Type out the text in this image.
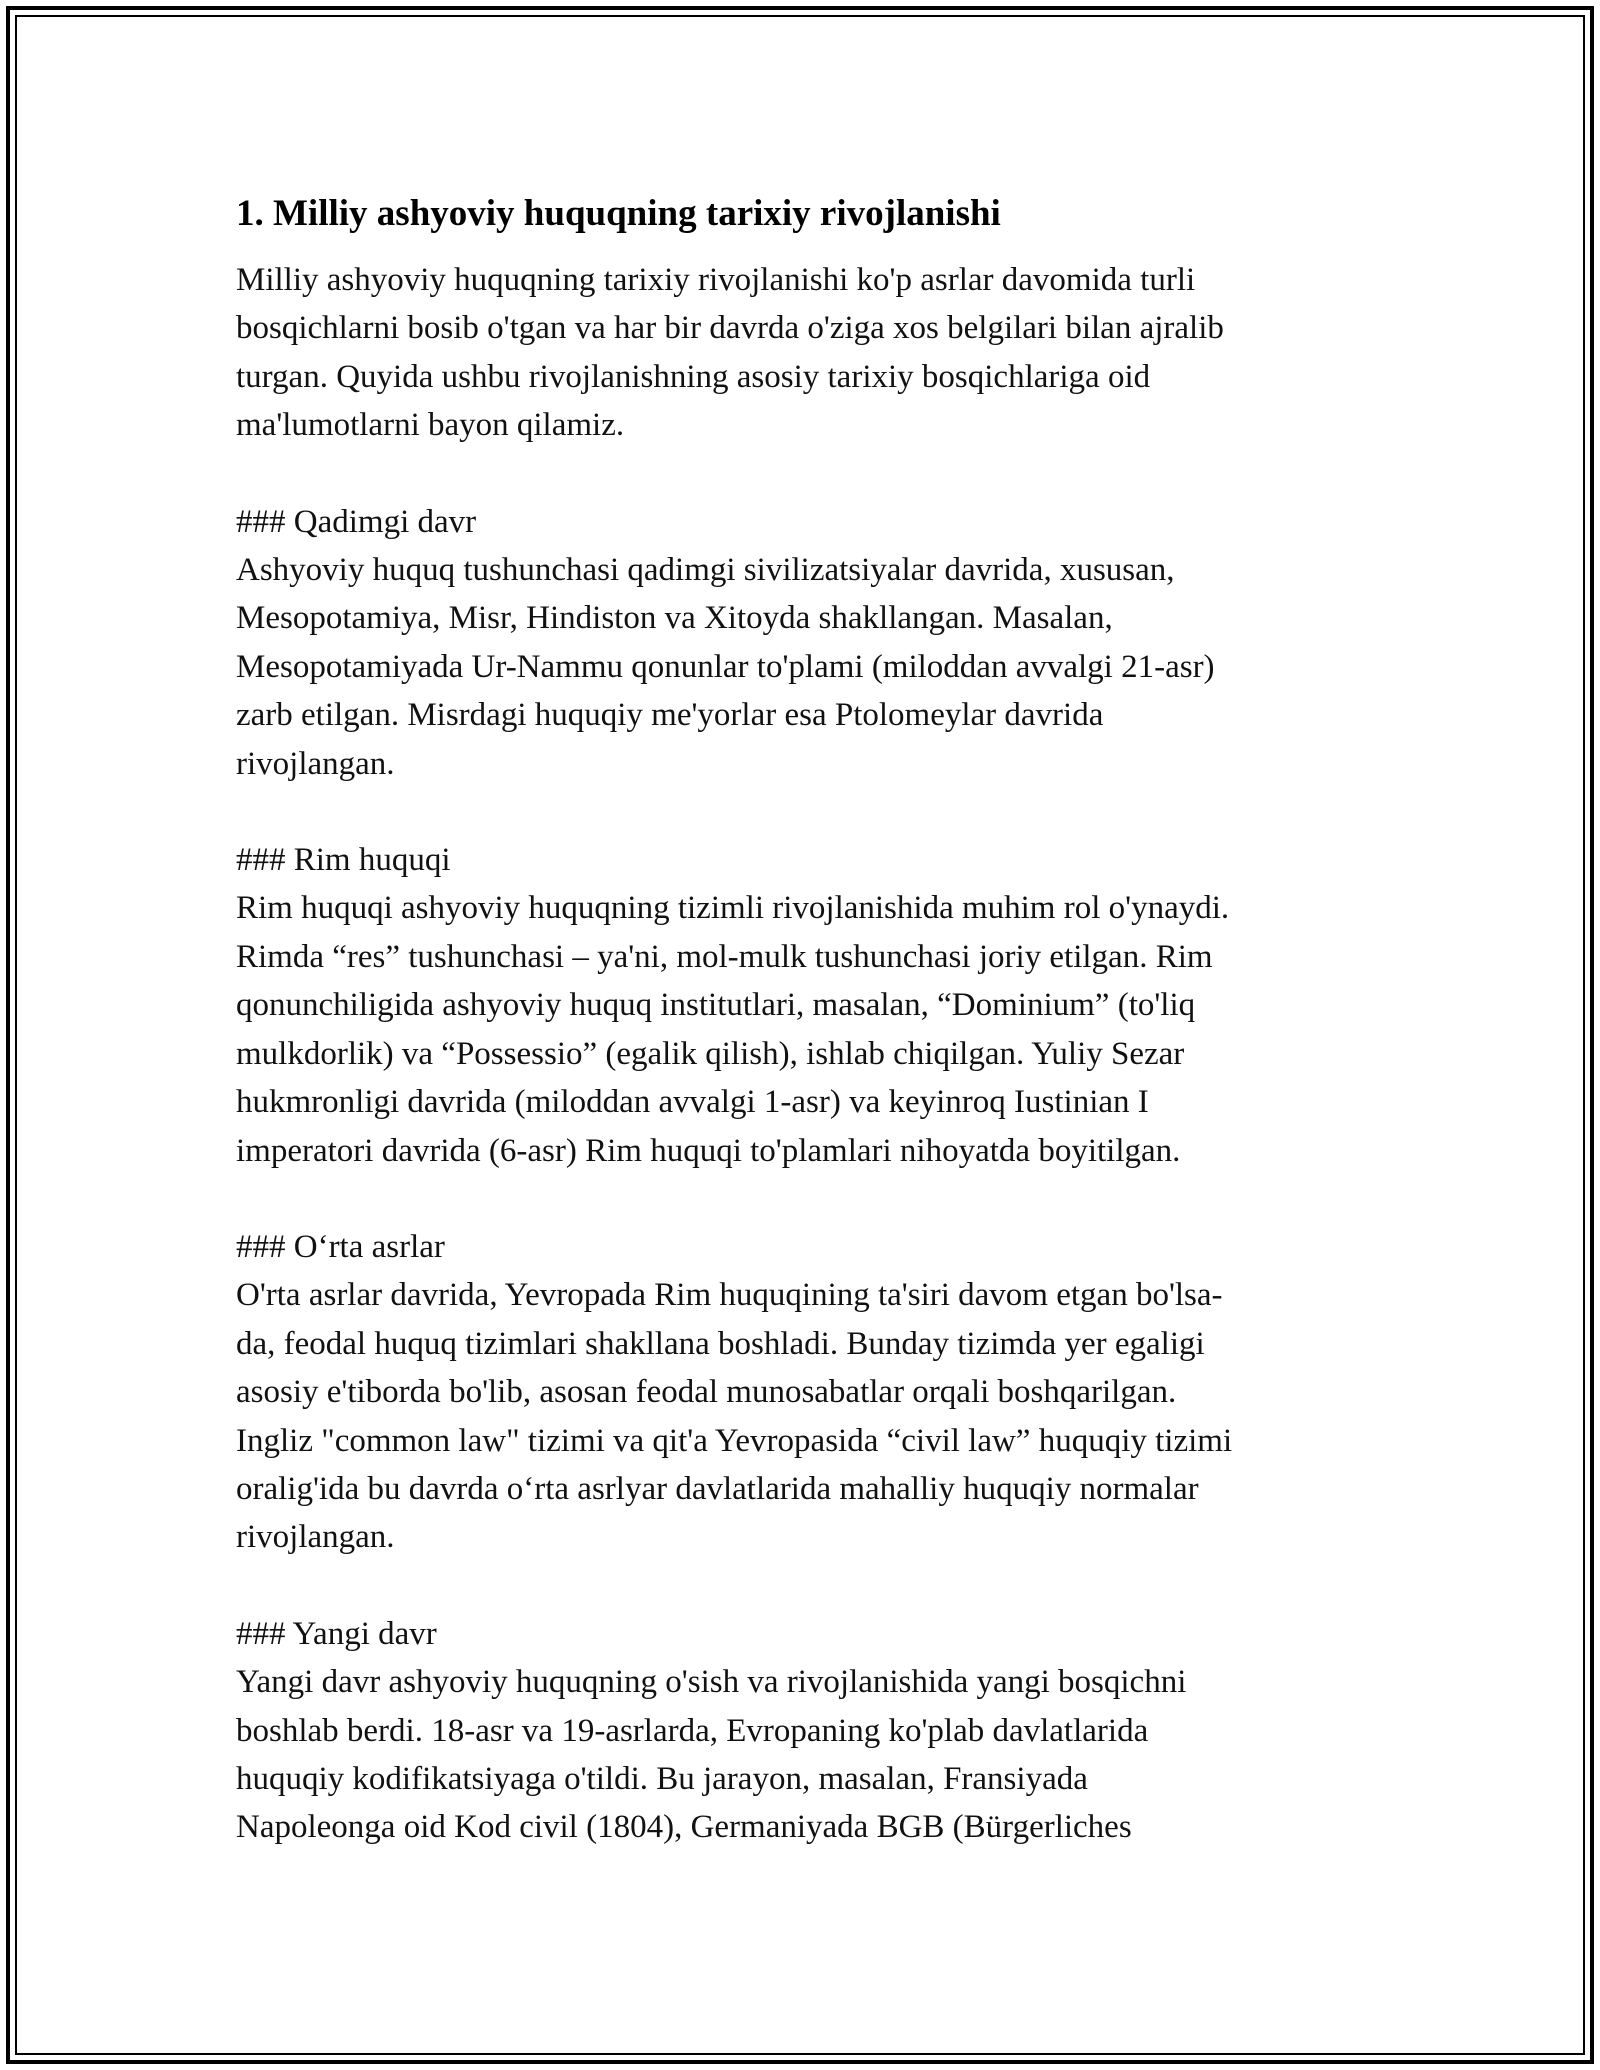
1. Milliy ashyoviy huquqning tarixiy rivojlanishi

Milliy ashyoviy huquqning tarixiy rivojlanishi ko'p asrlar davomida turli
bosqichlarni bosib o'tgan va har bir davrda o'ziga xos belgilari bilan ajralib
turgan. Quyida ushbu rivojlanishning asosiy tarixiy bosqichlariga oid
ma'lumotlarni bayon qilamiz.

### Qadimgi davr

Ashyoviy huquq tushunchasi qadimgi sivilizatsiyalar davrida, xususan,
Mesopotamiya, Misr, Hindiston va Xitoyda shakllangan. Masalan,
Mesopotamiyada Ur-Nammu qonunlar to'plami (miloddan avvalgi 21-asr)
zarb etilgan. Misrdagi huquqiy me'yorlar esa Ptolomeylar davrida
rivojlangan.

### Rim huquqi

Rim huquqi ashyoviy huquqning tizimli rivojlanishida muhim rol o'ynaydi.
Rimda “res” tushunchasi – ya'ni, mol-mulk tushunchasi joriy etilgan. Rim
qonunchiligida ashyoviy huquq institutlari, masalan, “Dominium” (to'liq
mulkdorlik) va “Possessio” (egalik qilish), ishlab chiqilgan. Yuliy Sezar
hukmronligi davrida (miloddan avvalgi 1-asr) va keyinroq Iustinian I
imperatori davrida (6-asr) Rim huquqi to'plamlari nihoyatda boyitilgan.

### O‘rta asrlar

O'rta asrlar davrida, Yevropada Rim huquqining ta'siri davom etgan bo'lsa-
da, feodal huquq tizimlari shakllana boshladi. Bunday tizimda yer egaligi
asosiy e'tiborda bo'lib, asosan feodal munosabatlar orqali boshqarilgan.
Ingliz "common law" tizimi va qit'a Yevropasida “civil law” huquqiy tizimi
oralig'ida bu davrda o‘rta asrlyar davlatlarida mahalliy huquqiy normalar
rivojlangan.

### Yangi davr

Yangi davr ashyoviy huquqning o'sish va rivojlanishida yangi bosqichni
boshlab berdi. 18-asr va 19-asrlarda, Evropaning ko'plab davlatlarida
huquqiy kodifikatsiyaga o'tildi. Bu jarayon, masalan, Fransiyada
Napoleonga oid Kod civil (1804), Germaniyada BGB (Bürgerliches
